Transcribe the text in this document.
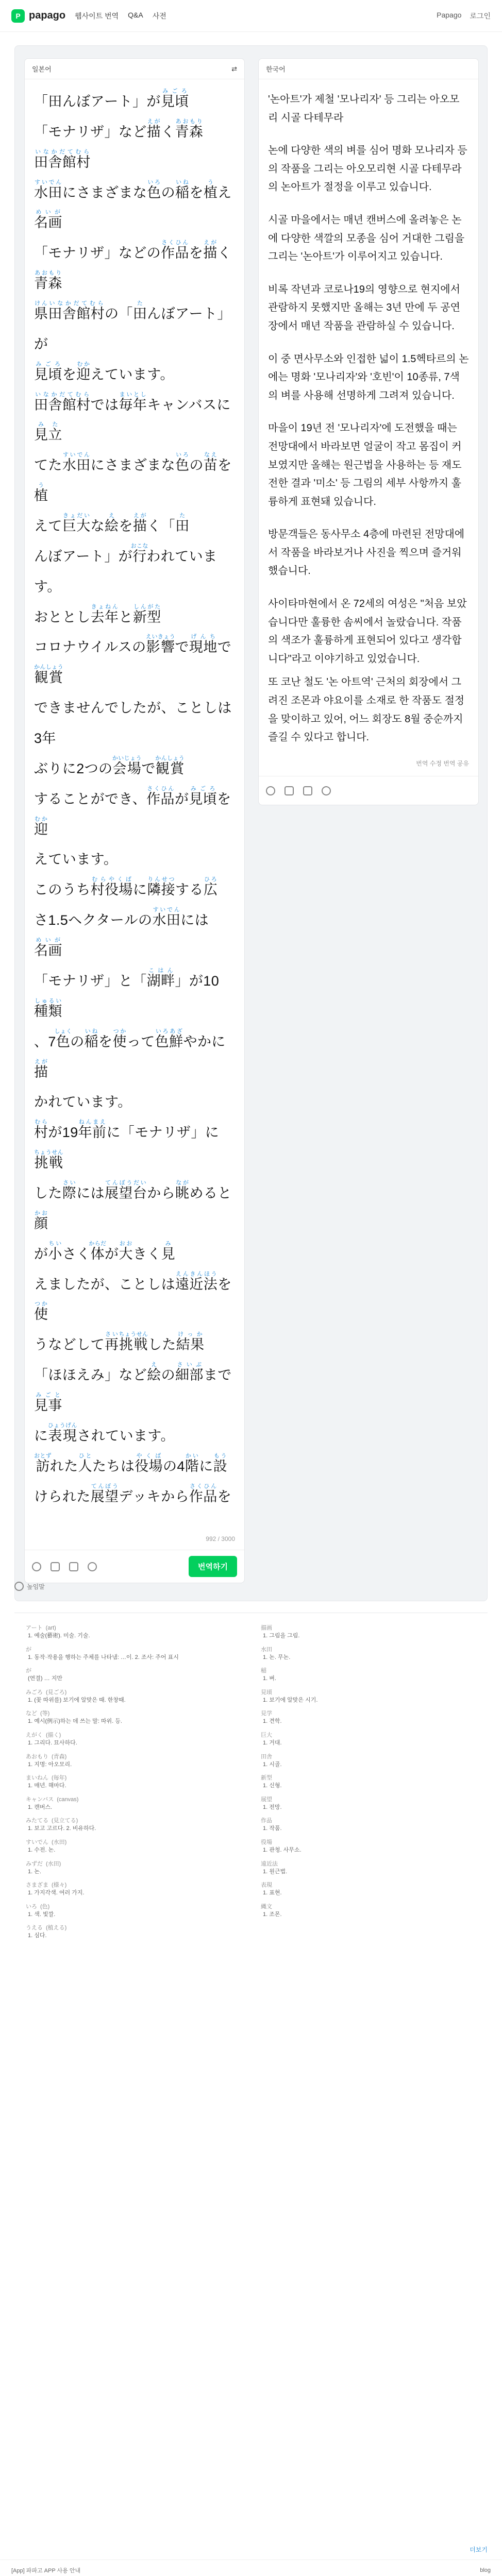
P papago 웹사이트 번역 Q&A 사전	Papago 로그인
일본어	⇄
「田んぼアート」が見頃みごろ
「モナリザ」など描えがく青森あおもり田舎館村いなかだてむら
水田すいでんにさまざまな色いろの稲いねを植うえ名画めいが
「モナリザ」などの作品さくひんを描えがく青森あおもり
県けん田舎館村いなかだてむらの「田たんぼアート」が
見頃みごろを迎むかえています。
田舎館村いなかだてむらでは毎年まいとしキャンバスに見立みた
てた水田すいでんにさまざまな色いろの苗なえを植う
えて巨大きょだいな絵えを描えがく「田た
んぼアート」が行おこなわれています。
おととし去年きょねんと新型しんがた
コロナウイルスの影響えいきょうで現地げんちで
観賞かんしょう
できませんでしたが、ことしは3年
ぶりに2つの会場かいじょうで観賞かんしょう
することができ、作品さくひんが見頃みごろを迎むか
えています。
このうち村役場むらやくばに隣接りんせつする広ひろ
さ1.5ヘクタールの水田すいでんには名画めいが
「モナリザ」と「湖畔こはん」が10種類しゅるい
、7色しょくの稲いねを使つかって色鮮いろあざやかに描えが
かれています。
村むらが19年前ねんまえに「モナリザ」に挑戦ちょうせん
した際さいには展望台てんぼうだいから眺ながめると顔かお
が小ちいさく体からだが大おおきく見み
えましたが、ことしは遠近法えんきんほうを使つか
うなどして再さい挑戦ちょうせんした結果けっか
「ほほえみ」など絵えの細部さいぶまで見事みごと
に表現ひょうげんされています。
訪おとずれた人ひとたちは役場やくばの4階かいに設もう
けられた展望てんぼうデッキから作品さくひんを

992 / 3000
번역하기
한국어

'논아트'가 제철 '모나리자' 등 그리는 아오모리 시골 다테무라

논에 다양한 색의 벼를 심어 명화 모나리자 등의 작품을 그리는 아오모리현 시골 다테무라의 논아트가 절정을 이루고 있습니다.

시골 마을에서는 매년 캔버스에 올려놓은 논에 다양한 색깔의 모종을 심어 거대한 그림을 그리는 '논아트'가 이루어지고 있습니다.

비록 작년과 코로나19의 영향으로 현지에서 관람하지 못했지만 올해는 3년 만에 두 공연장에서 매년 작품을 관람하실 수 있습니다.

이 중 면사무소와 인접한 넓이 1.5헥타르의 논에는 명화 '모나리자'와 '호빈'이 10종류, 7색의 벼를 사용해 선명하게 그려져 있습니다.

마을이 19년 전 '모나리자'에 도전했을 때는 전망대에서 바라보면 얼굴이 작고 몸집이 커 보였지만 올해는 원근법을 사용하는 등 재도전한 결과 '미소' 등 그림의 세부 사항까지 훌륭하게 표현돼 있습니다.

방문객들은 동사무소 4층에 마련된 전망대에서 작품을 바라보거나 사진을 찍으며 즐거워했습니다.

사이타마현에서 온 72세의 여성은 "처음 보았습니다만 훌륭한 솜씨에서 놀랐습니다. 작품의 색조가 훌륭하게 표현되어 있다고 생각합니다"라고 이야기하고 있었습니다.

또 코난 철도 '논 아트역' 근처의 회장에서 그려진 조몬과 야요이를 소재로 한 작품도 절정을 맞이하고 있어, 어느 회장도 8월 중순까지 즐길 수 있다고 합니다.

번역 수정 번역 공유
높임말
アート (art)
1. 예술(藝術). 미술. 기술.
が
1. 동작·작용을 행하는 주체를 나타냄: …이. 2. 조사: 주어 표시
が
(연결) … 지만
みごろ (見ごろ)
1. (꽃 따위를) 보기에 알맞은 때. 한창때.
など (等)
1. 예시(例示)하는 데 쓰는 말: 따위. 등.
えがく (描く)
1. 그리다. 묘사하다.
あおもり (青森)
1. 지명: 아오모리.
まいねん (毎年)
1. 매년. 해마다.
キャンバス (canvas)
1. 캔버스.
みたてる (見立てる)
1. 보고 고르다. 2. 비유하다.
すいでん (水田)
1. 수전. 논.
みずだ (水田)
1. 논.
さまざま (様々)
1. 가지각색. 여러 가지.
いろ (色)
1. 색. 빛깔.
うえる (植える)
1. 심다.
描画
1. 그림을 그림.
水田
1. 논. 무논.
稲
1. 벼.
見頃
1. 보기에 알맞은 시기.
見学
1. 견학.
巨大
1. 거대.
田舎
1. 시골.
新型
1. 신형.
展望
1. 전망.
作品
1. 작품.
役場
1. 관청. 사무소.
遠近法
1. 원근법.
表現
1. 표현.
縄文
1. 조몬.
더보기
[App] 파파고 APP 사용 안내	blog
